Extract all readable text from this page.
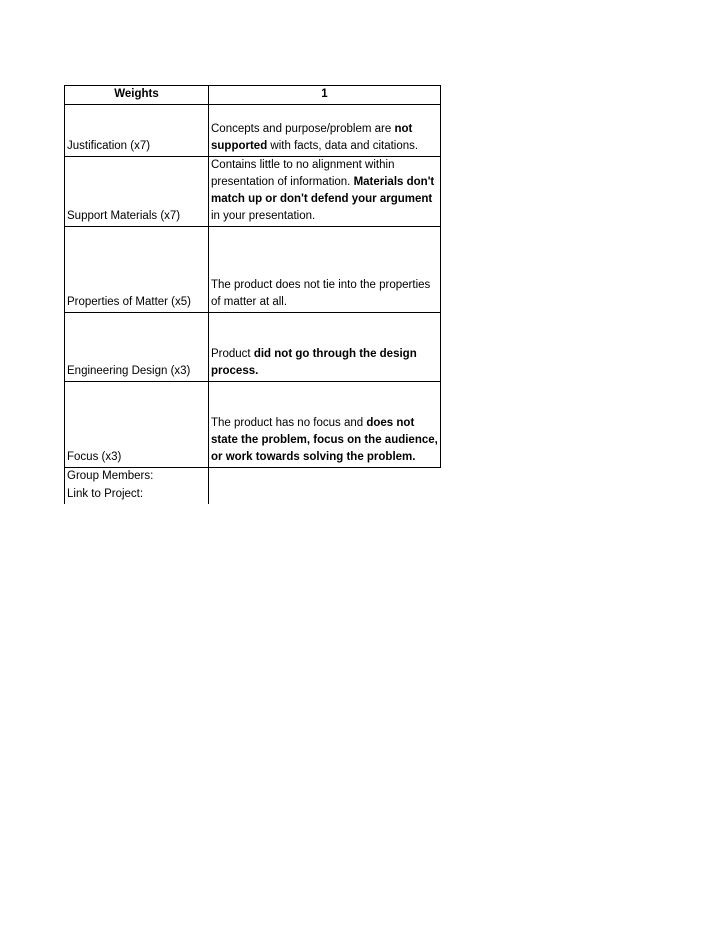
Weights	1
Justification (x7)	Concepts and purpose/problem are not supported with facts, data and citations.
Support Materials (x7)	Contains little to no alignment within presentation of information. Materials don't match up or don't defend your argument in your presentation.
Properties of Matter (x5)	The product does not tie into the properties of matter at all.
Engineering Design (x3)	Product did not go through the design process.
Focus (x3)	The product has no focus and does not state the problem, focus on the audience, or work towards solving the problem.
Group Members:	
Link to Project:	
